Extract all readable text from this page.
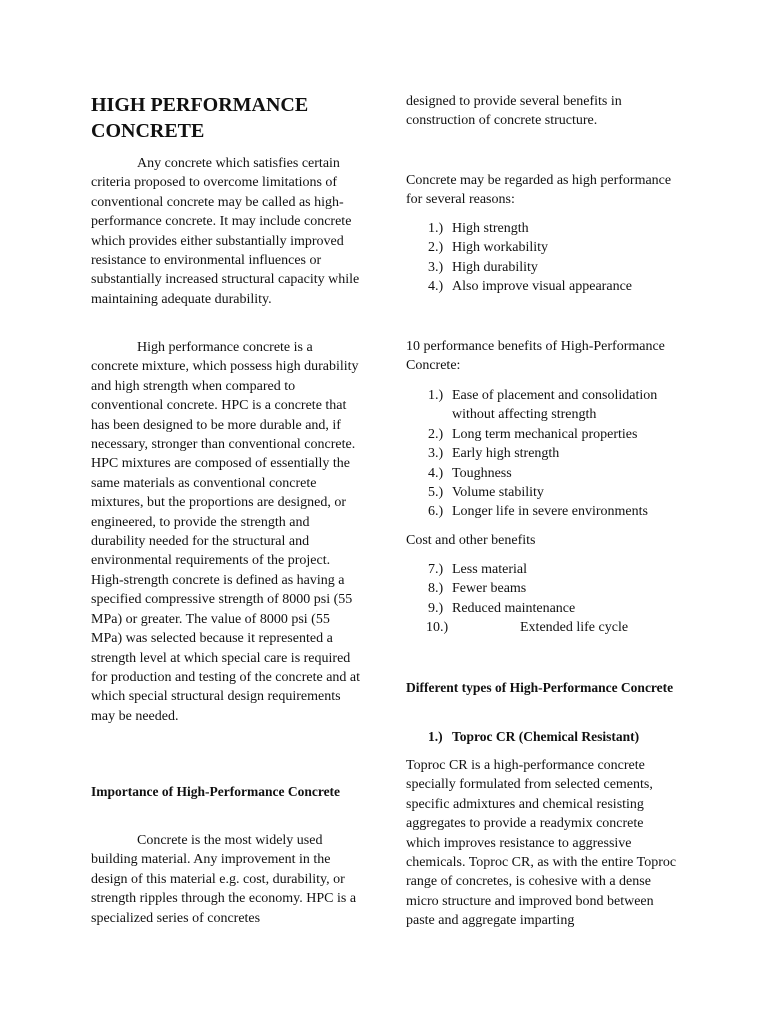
HIGH PERFORMANCE CONCRETE

Any concrete which satisfies certain criteria proposed to overcome limitations of conventional concrete may be called as high-performance concrete. It may include concrete which provides either substantially improved resistance to environmental influences or substantially increased structural capacity while maintaining adequate durability.

High performance concrete is a concrete mixture, which possess high durability and high strength when compared to conventional concrete. HPC is a concrete that has been designed to be more durable and, if necessary, stronger than conventional concrete. HPC mixtures are composed of essentially the same materials as conventional concrete mixtures, but the proportions are designed, or engineered, to provide the strength and durability needed for the structural and environmental requirements of the project. High-strength concrete is defined as having a specified compressive strength of 8000 psi (55 MPa) or greater. The value of 8000 psi (55 MPa) was selected because it represented a strength level at which special care is required for production and testing of the concrete and at which special structural design requirements may be needed.

Importance of High-Performance Concrete

Concrete is the most widely used building material. Any improvement in the design of this material e.g. cost, durability, or strength ripples through the economy. HPC is a specialized series of concretes

designed to provide several benefits in construction of concrete structure.

Concrete may be regarded as high performance for several reasons:

1.) High strength
2.) High workability
3.) High durability
4.) Also improve visual appearance

10 performance benefits of High-Performance Concrete:

1.) Ease of placement and consolidation without affecting strength
2.) Long term mechanical properties
3.) Early high strength
4.) Toughness
5.) Volume stability
6.) Longer life in severe environments

Cost and other benefits

7.) Less material
8.) Fewer beams
9.) Reduced maintenance
10.)	Extended life cycle
Different types of High-Performance Concrete
1.) Toproc CR (Chemical Resistant)

Toproc CR is a high-performance concrete specially formulated from selected cements, specific admixtures and chemical resisting aggregates to provide a readymix concrete which improves resistance to aggressive chemicals. Toproc CR, as with the entire Toproc range of concretes, is cohesive with a dense micro structure and improved bond between paste and aggregate imparting
